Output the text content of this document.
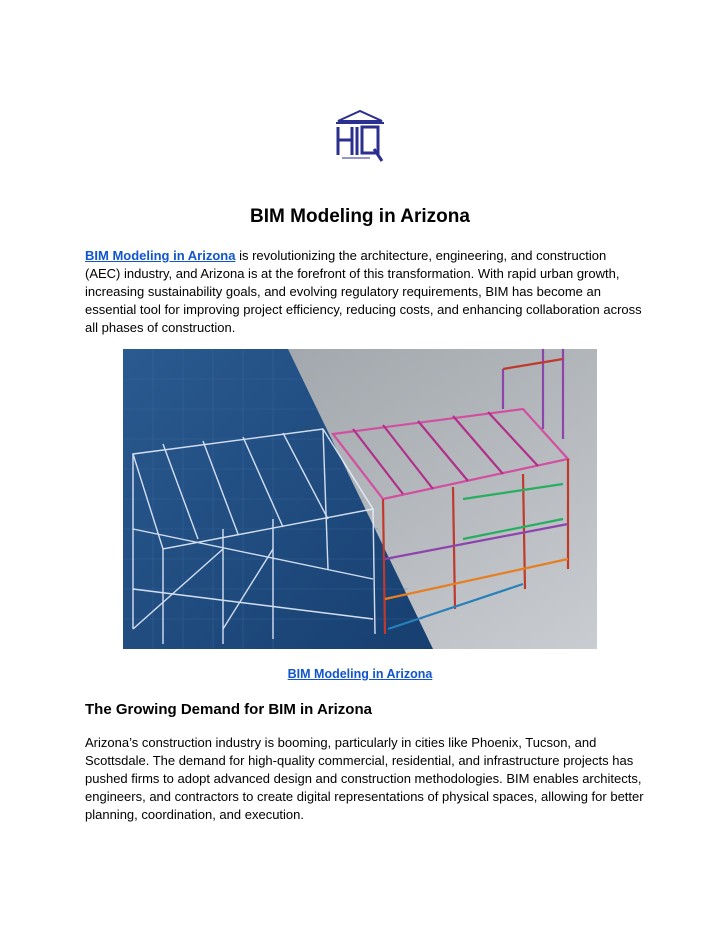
BIM Modeling in Arizona

BIM Modeling in Arizona is revolutionizing the architecture, engineering, and construction (AEC) industry, and Arizona is at the forefront of this transformation. With rapid urban growth, increasing sustainability goals, and evolving regulatory requirements, BIM has become an essential tool for improving project efficiency, reducing costs, and enhancing collaboration across all phases of construction.

BIM Modeling in Arizona
The Growing Demand for BIM in Arizona

Arizona’s construction industry is booming, particularly in cities like Phoenix, Tucson, and Scottsdale. The demand for high-quality commercial, residential, and infrastructure projects has pushed firms to adopt advanced design and construction methodologies. BIM enables architects, engineers, and contractors to create digital representations of physical spaces, allowing for better planning, coordination, and execution.
